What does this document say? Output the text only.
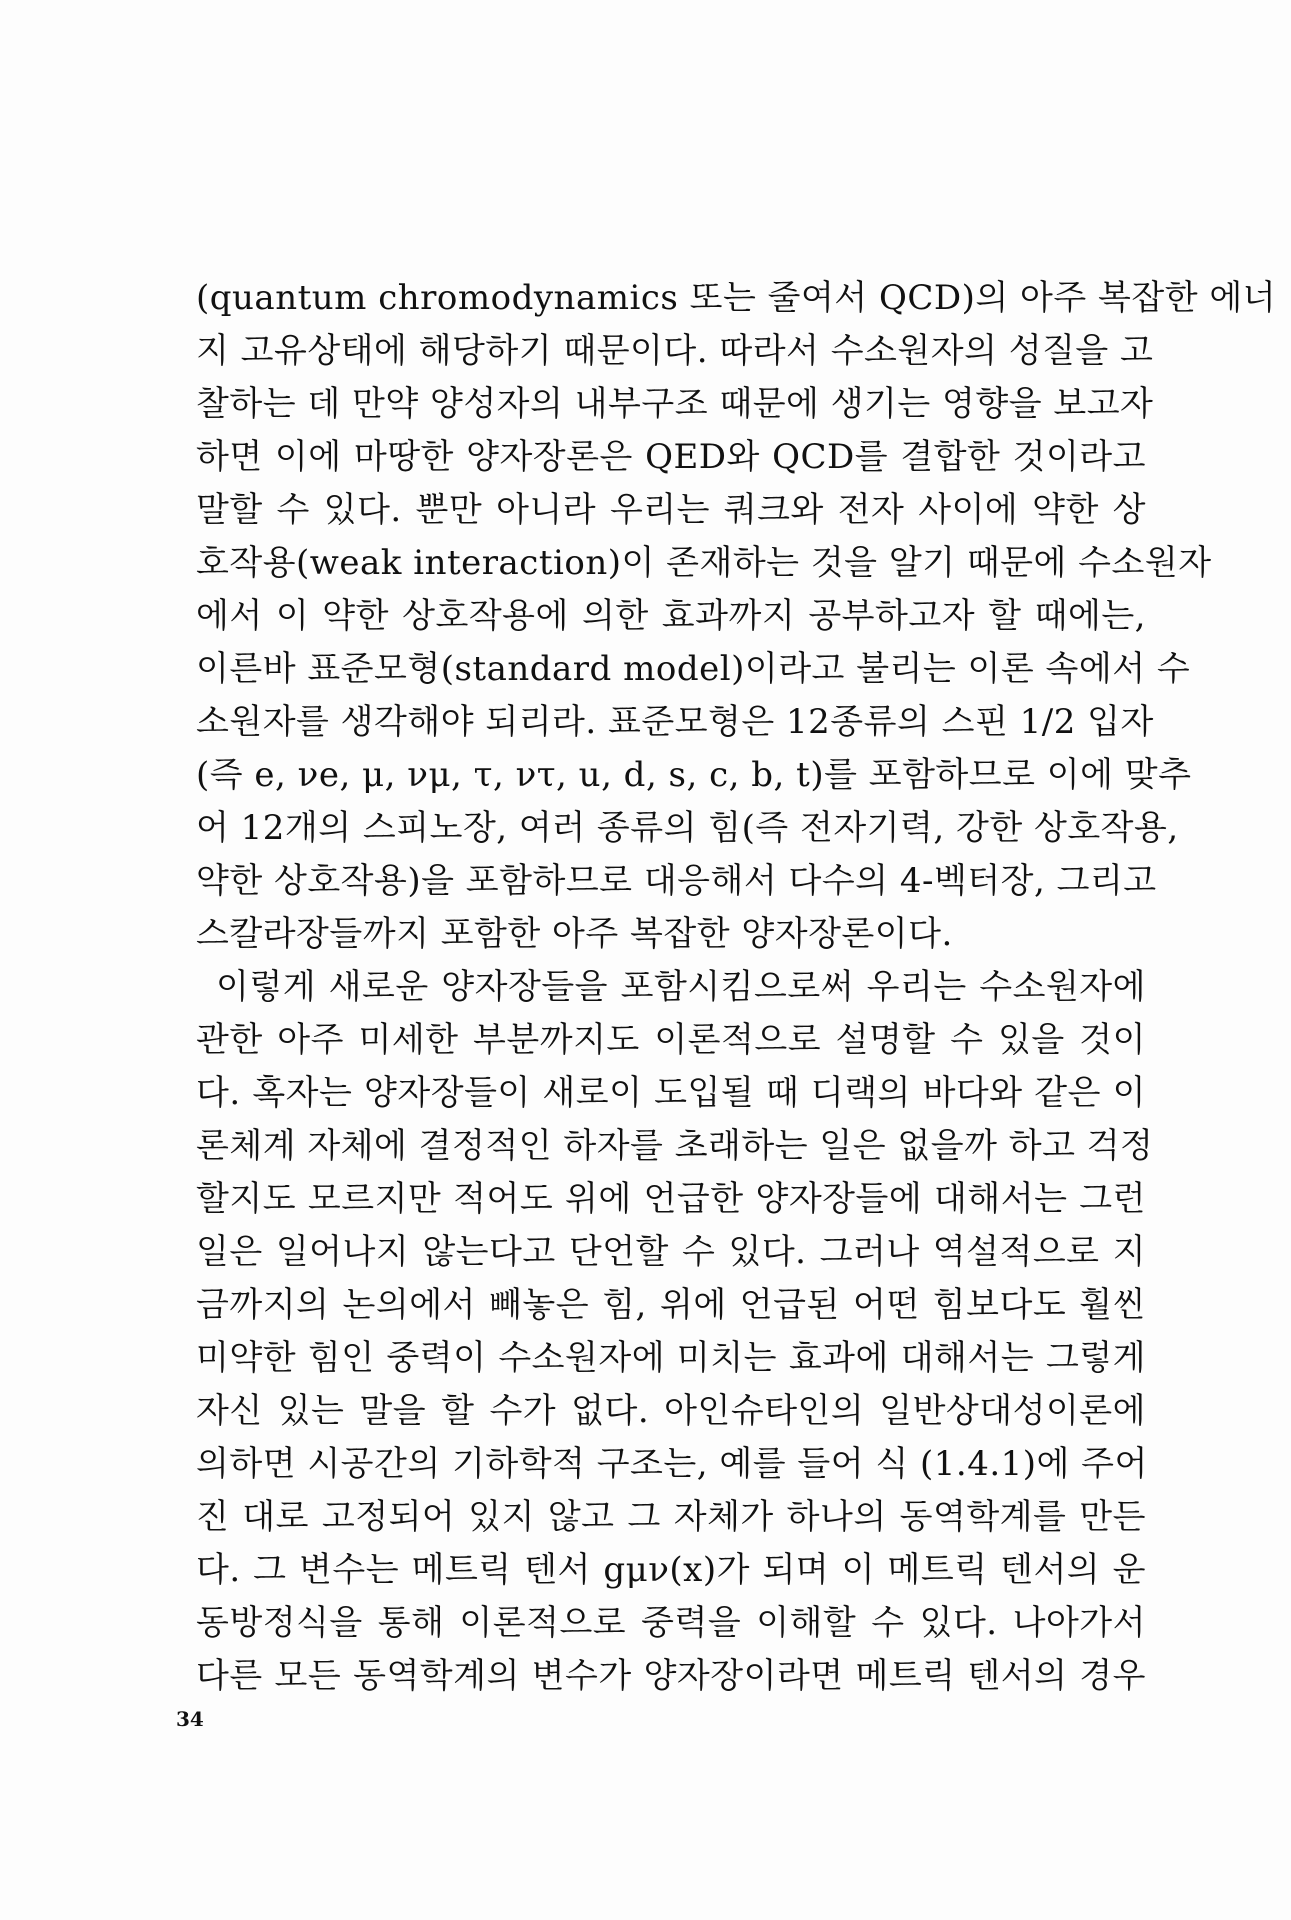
(quantum chromodynamics 또는 줄여서 QCD)의 아주 복잡한 에너
지 고유상태에 해당하기 때문이다. 따라서 수소원자의 성질을 고
찰하는 데 만약 양성자의 내부구조 때문에 생기는 영향을 보고자
하면 이에 마땅한 양자장론은 QED와 QCD를 결합한 것이라고
말할 수 있다. 뿐만 아니라 우리는 쿼크와 전자 사이에 약한 상
호작용(weak interaction)이 존재하는 것을 알기 때문에 수소원자
에서 이 약한 상호작용에 의한 효과까지 공부하고자 할 때에는,
이른바 표준모형(standard model)이라고 불리는 이론 속에서 수
소원자를 생각해야 되리라. 표준모형은 12종류의 스핀 1/2 입자
(즉 e, νe, μ, νμ, τ, ντ, u, d, s, c, b, t)를 포함하므로 이에 맞추
어 12개의 스피노장, 여러 종류의 힘(즉 전자기력, 강한 상호작용,
약한 상호작용)을 포함하므로 대응해서 다수의 4-벡터장, 그리고
스칼라장들까지 포함한 아주 복잡한 양자장론이다.
이렇게 새로운 양자장들을 포함시킴으로써 우리는 수소원자에
관한 아주 미세한 부분까지도 이론적으로 설명할 수 있을 것이
다. 혹자는 양자장들이 새로이 도입될 때 디랙의 바다와 같은 이
론체계 자체에 결정적인 하자를 초래하는 일은 없을까 하고 걱정
할지도 모르지만 적어도 위에 언급한 양자장들에 대해서는 그런
일은 일어나지 않는다고 단언할 수 있다. 그러나 역설적으로 지
금까지의 논의에서 빼놓은 힘, 위에 언급된 어떤 힘보다도 훨씬
미약한 힘인 중력이 수소원자에 미치는 효과에 대해서는 그렇게
자신 있는 말을 할 수가 없다. 아인슈타인의 일반상대성이론에
의하면 시공간의 기하학적 구조는, 예를 들어 식 (1.4.1)에 주어
진 대로 고정되어 있지 않고 그 자체가 하나의 동역학계를 만든
다. 그 변수는 메트릭 텐서 gμν(x)가 되며 이 메트릭 텐서의 운
동방정식을 통해 이론적으로 중력을 이해할 수 있다. 나아가서
다른 모든 동역학계의 변수가 양자장이라면 메트릭 텐서의 경우
34
